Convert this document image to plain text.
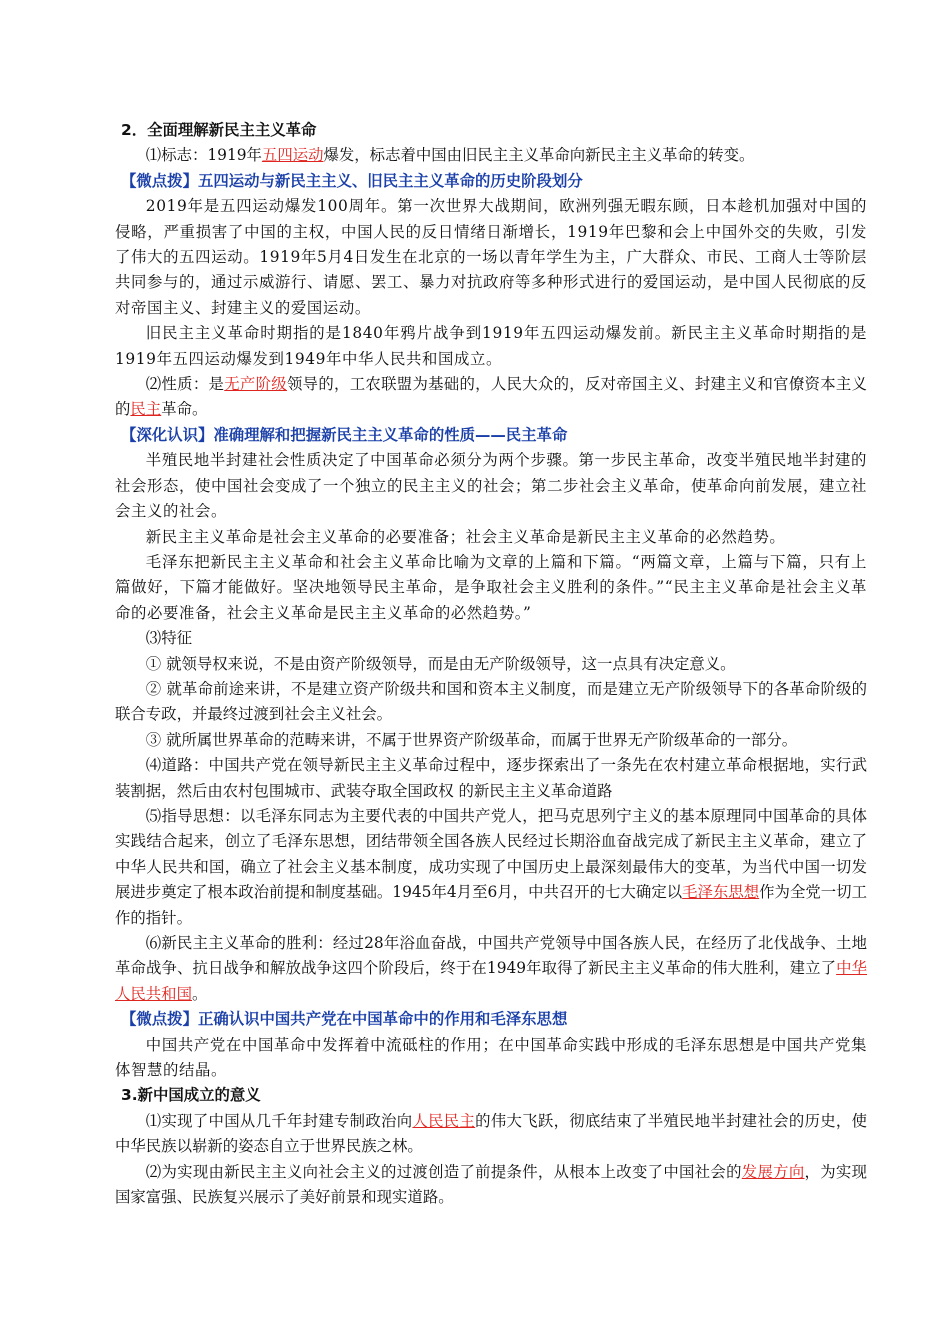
2．全面理解新民主主义革命

⑴标志：1919年五四运动爆发，标志着中国由旧民主主义革命向新民主主义革命的转变。

【微点拨】五四运动与新民主主义、旧民主主义革命的历史阶段划分

2019年是五四运动爆发100周年。第一次世界大战期间，欧洲列强无暇东顾，日本趁机加强对中国的侵略，严重损害了中国的主权，中国人民的反日情绪日渐增长，1919年巴黎和会上中国外交的失败，引发了伟大的五四运动。1919年5月4日发生在北京的一场以青年学生为主，广大群众、市民、工商人士等阶层共同参与的，通过示威游行、请愿、罢工、暴力对抗政府等多种形式进行的爱国运动，是中国人民彻底的反对帝国主义、封建主义的爱国运动。

旧民主主义革命时期指的是1840年鸦片战争到1919年五四运动爆发前。新民主主义革命时期指的是1919年五四运动爆发到1949年中华人民共和国成立。

⑵性质：是无产阶级领导的，工农联盟为基础的，人民大众的，反对帝国主义、封建主义和官僚资本主义的民主革命。

【深化认识】准确理解和把握新民主主义革命的性质——民主革命

半殖民地半封建社会性质决定了中国革命必须分为两个步骤。第一步民主革命，改变半殖民地半封建的社会形态，使中国社会变成了一个独立的民主主义的社会；第二步社会主义革命，使革命向前发展，建立社会主义的社会。

新民主主义革命是社会主义革命的必要准备；社会主义革命是新民主主义革命的必然趋势。

毛泽东把新民主主义革命和社会主义革命比喻为文章的上篇和下篇。“两篇文章，上篇与下篇，只有上篇做好，下篇才能做好。坚决地领导民主革命，是争取社会主义胜利的条件。”“民主主义革命是社会主义革命的必要准备，社会主义革命是民主主义革命的必然趋势。”

⑶特征

① 就领导权来说，不是由资产阶级领导，而是由无产阶级领导，这一点具有决定意义。

② 就革命前途来讲，不是建立资产阶级共和国和资本主义制度，而是建立无产阶级领导下的各革命阶级的联合专政，并最终过渡到社会主义社会。

③ 就所属世界革命的范畴来讲，不属于世界资产阶级革命，而属于世界无产阶级革命的一部分。

⑷道路：中国共产党在领导新民主主义革命过程中，逐步探索出了一条先在农村建立革命根据地，实行武装割据，然后由农村包围城市、武装夺取全国政权 的新民主主义革命道路

⑸指导思想：以毛泽东同志为主要代表的中国共产党人，把马克思列宁主义的基本原理同中国革命的具体实践结合起来，创立了毛泽东思想，团结带领全国各族人民经过长期浴血奋战完成了新民主主义革命，建立了中华人民共和国，确立了社会主义基本制度，成功实现了中国历史上最深刻最伟大的变革，为当代中国一切发展进步奠定了根本政治前提和制度基础。1945年4月至6月，中共召开的七大确定以毛泽东思想作为全党一切工作的指针。

⑹新民主主义革命的胜利：经过28年浴血奋战，中国共产党领导中国各族人民，在经历了北伐战争、土地革命战争、抗日战争和解放战争这四个阶段后，终于在1949年取得了新民主主义革命的伟大胜利，建立了中华人民共和国。

【微点拨】正确认识中国共产党在中国革命中的作用和毛泽东思想

中国共产党在中国革命中发挥着中流砥柱的作用；在中国革命实践中形成的毛泽东思想是中国共产党集体智慧的结晶。

3.新中国成立的意义

⑴实现了中国从几千年封建专制政治向人民民主的伟大飞跃，彻底结束了半殖民地半封建社会的历史，使中华民族以崭新的姿态自立于世界民族之林。

⑵为实现由新民主主义向社会主义的过渡创造了前提条件，从根本上改变了中国社会的发展方向，为实现国家富强、民族复兴展示了美好前景和现实道路。
